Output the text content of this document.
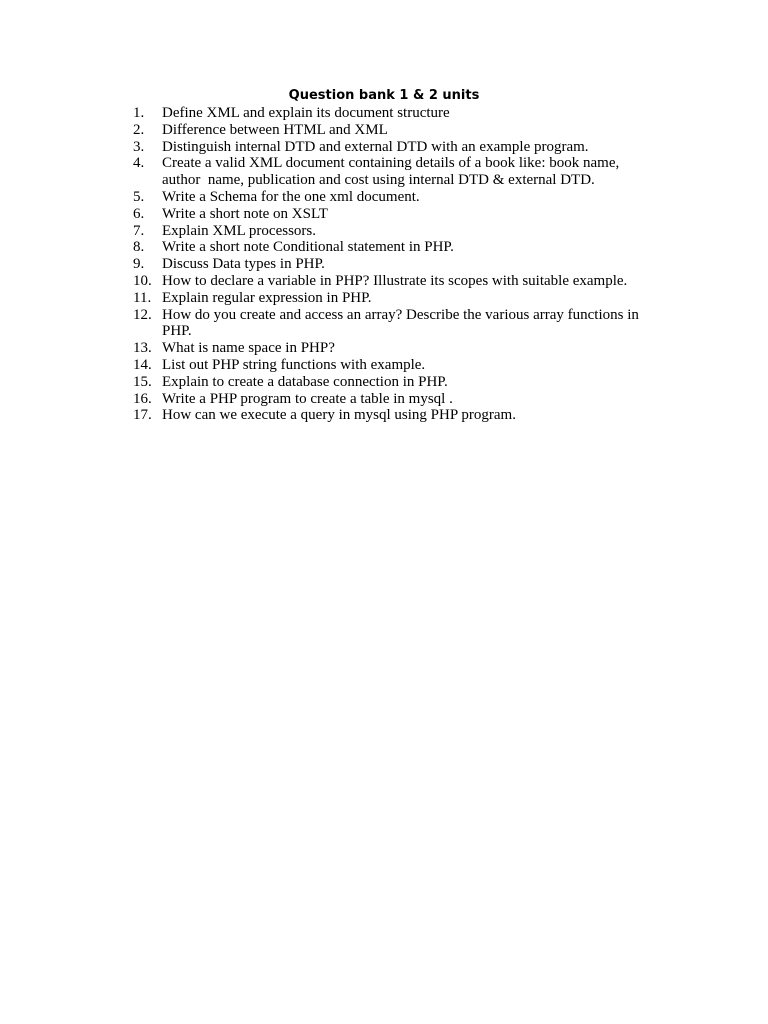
Question bank 1 & 2 units
1.	Define XML and explain its document structure
2.	Difference between HTML and XML
3.	Distinguish internal DTD and external DTD with an example program.
4.	Create a valid XML document containing details of a book like: book name, author  name, publication and cost using internal DTD & external DTD.
5.	Write a Schema for the one xml document.
6.	Write a short note on XSLT
7.	Explain XML processors.
8.	Write a short note Conditional statement in PHP.
9.	Discuss Data types in PHP.
10. How to declare a variable in PHP? Illustrate its scopes with suitable example.
11. Explain regular expression in PHP.
12. How do you create and access an array? Describe the various array functions in PHP.
13. What is name space in PHP?
14. List out PHP string functions with example.
15. Explain to create a database connection in PHP.
16. Write a PHP program to create a table in mysql .
17. How can we execute a query in mysql using PHP program.
